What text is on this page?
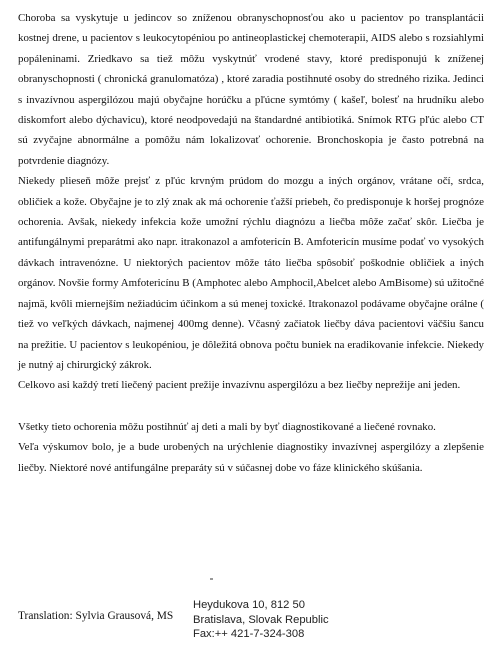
Choroba sa vyskytuje u jedincov so zníženou obranyschopnosťou ako u pacientov po transplantácii kostnej drene, u pacientov s leukocytopéniou po antineoplastickej chemoterapii, AIDS alebo s rozsiahlymi popáleninami. Zriedkavo sa tiež môžu vyskytnúť vrodené stavy, ktoré predisponujú k zníženej obranyschopnosti ( chronická granulomatóza) , ktoré zaradia postihnuté osoby do stredného rizika. Jedinci s invazívnou aspergilózou majú obyčajne horúčku a pľúcne symtómy ( kašeľ, bolesť na hrudníku alebo diskomfort alebo dýchavicu), ktoré neodpovedajú na štandardné antibiotiká. Snímok RTG pľúc alebo CT sú zvyčajne abnormálne a pomôžu nám lokalizovať ochorenie. Bronchoskopia je často potrebná na potvrdenie diagnózy.

Niekedy plieseň môže prejsť z pľúc krvným prúdom do mozgu a iných orgánov, vrátane očí, srdca, obličiek a kože. Obyčajne je to zlý znak ak má ochorenie ťažší priebeh, čo predisponuje k horšej prognóze ochorenia. Avšak, niekedy infekcia kože umožní rýchlu diagnózu a liečba môže začať skôr. Liečba je antifungálnymi preparátmi ako napr. itrakonazol a amfotericín B. Amfotericín musíme podať vo vysokých dávkach intravenózne. U niektorých pacientov môže táto liečba spôsobiť poškodnie obličiek a iných orgánov. Novšie formy Amfotericínu B (Amphotec alebo Amphocil,Abelcet alebo AmBisome) sú užitočné najmä, kvôli miernejším nežiadúcim účinkom a sú menej toxické. Itrakonazol podávame obyčajne orálne ( tiež vo veľkých dávkach, najmenej 400mg denne). Včasný začiatok liečby dáva pacientovi väčšiu šancu na prežitie. U pacientov s leukopéniou, je dôležitá obnova počtu buniek na eradikovanie infekcie. Niekedy je nutný aj chirurgický zákrok.

Celkovo asi každý tretí liečený pacient prežije invazívnu aspergilózu a bez liečby neprežije ani jeden.

Všetky tieto ochorenia môžu postihnúť aj deti a mali by byť diagnostikované a liečené rovnako.

Veľa výskumov bolo, je a bude urobených na urýchlenie diagnostiky invazívnej aspergilózy a zlepšenie liečby. Niektoré nové antifungálne preparáty sú v súčasnej dobe vo fáze klinického skúšania.

Translation: Sylvia Grausová, MS
Heydukova 10, 812 50
Bratislava, Slovak Republic
Fax:++ 421-7-324-308
